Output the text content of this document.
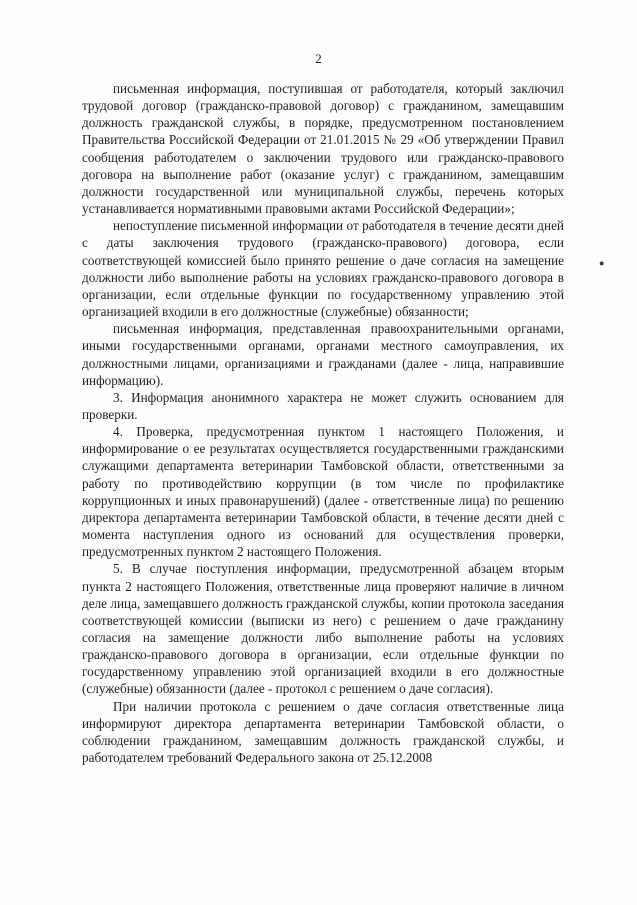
2
●

письменная информация, поступившая от работодателя, который заключил трудовой договор (гражданско-правовой договор) с гражданином, замещавшим должность гражданской службы, в порядке, предусмотренном постановлением Правительства Российской Федерации от 21.01.2015 № 29 «Об утверждении Правил сообщения работодателем о заключении трудового или гражданско-правового договора на выполнение работ (оказание услуг) с гражданином, замещавшим должности государственной или муниципальной службы, перечень которых устанавливается нормативными правовыми актами Российской Федерации»;

непоступление письменной информации от работодателя в течение десяти дней с даты заключения трудового (гражданско-правового) договора, если соответствующей комиссией было принято решение о даче согласия на замещение должности либо выполнение работы на условиях гражданско-правового договора в организации, если отдельные функции по государственному управлению этой организацией входили в его должностные (служебные) обязанности;

письменная информация, представленная правоохранительными органами, иными государственными органами, органами местного самоуправления, их должностными лицами, организациями и гражданами (далее - лица, направившие информацию).

3. Информация анонимного характера не может служить основанием для проверки.

4. Проверка, предусмотренная пунктом 1 настоящего Положения, и информирование о ее результатах осуществляется государственными гражданскими служащими департамента ветеринарии Тамбовской области, ответственными за работу по противодействию коррупции (в том числе по профилактике коррупционных и иных правонарушений) (далее - ответственные лица) по решению директора департамента ветеринарии Тамбовской области, в течение десяти дней с момента наступления одного из оснований для осуществления проверки, предусмотренных пунктом 2 настоящего Положения.

5. В случае поступления информации, предусмотренной абзацем вторым пункта 2 настоящего Положения, ответственные лица проверяют наличие в личном деле лица, замещавшего должность гражданской службы, копии протокола заседания соответствующей комиссии (выписки из него) с решением о даче гражданину согласия на замещение должности либо выполнение работы на условиях гражданско-правового договора в организации, если отдельные функции по государственному управлению этой организацией входили в его должностные (служебные) обязанности (далее - протокол с решением о даче согласия).

При наличии протокола с решением о даче согласия ответственные лица информируют директора департамента ветеринарии Тамбовской области, о соблюдении гражданином, замещавшим должность гражданской службы, и работодателем требований Федерального закона от 25.12.2008
